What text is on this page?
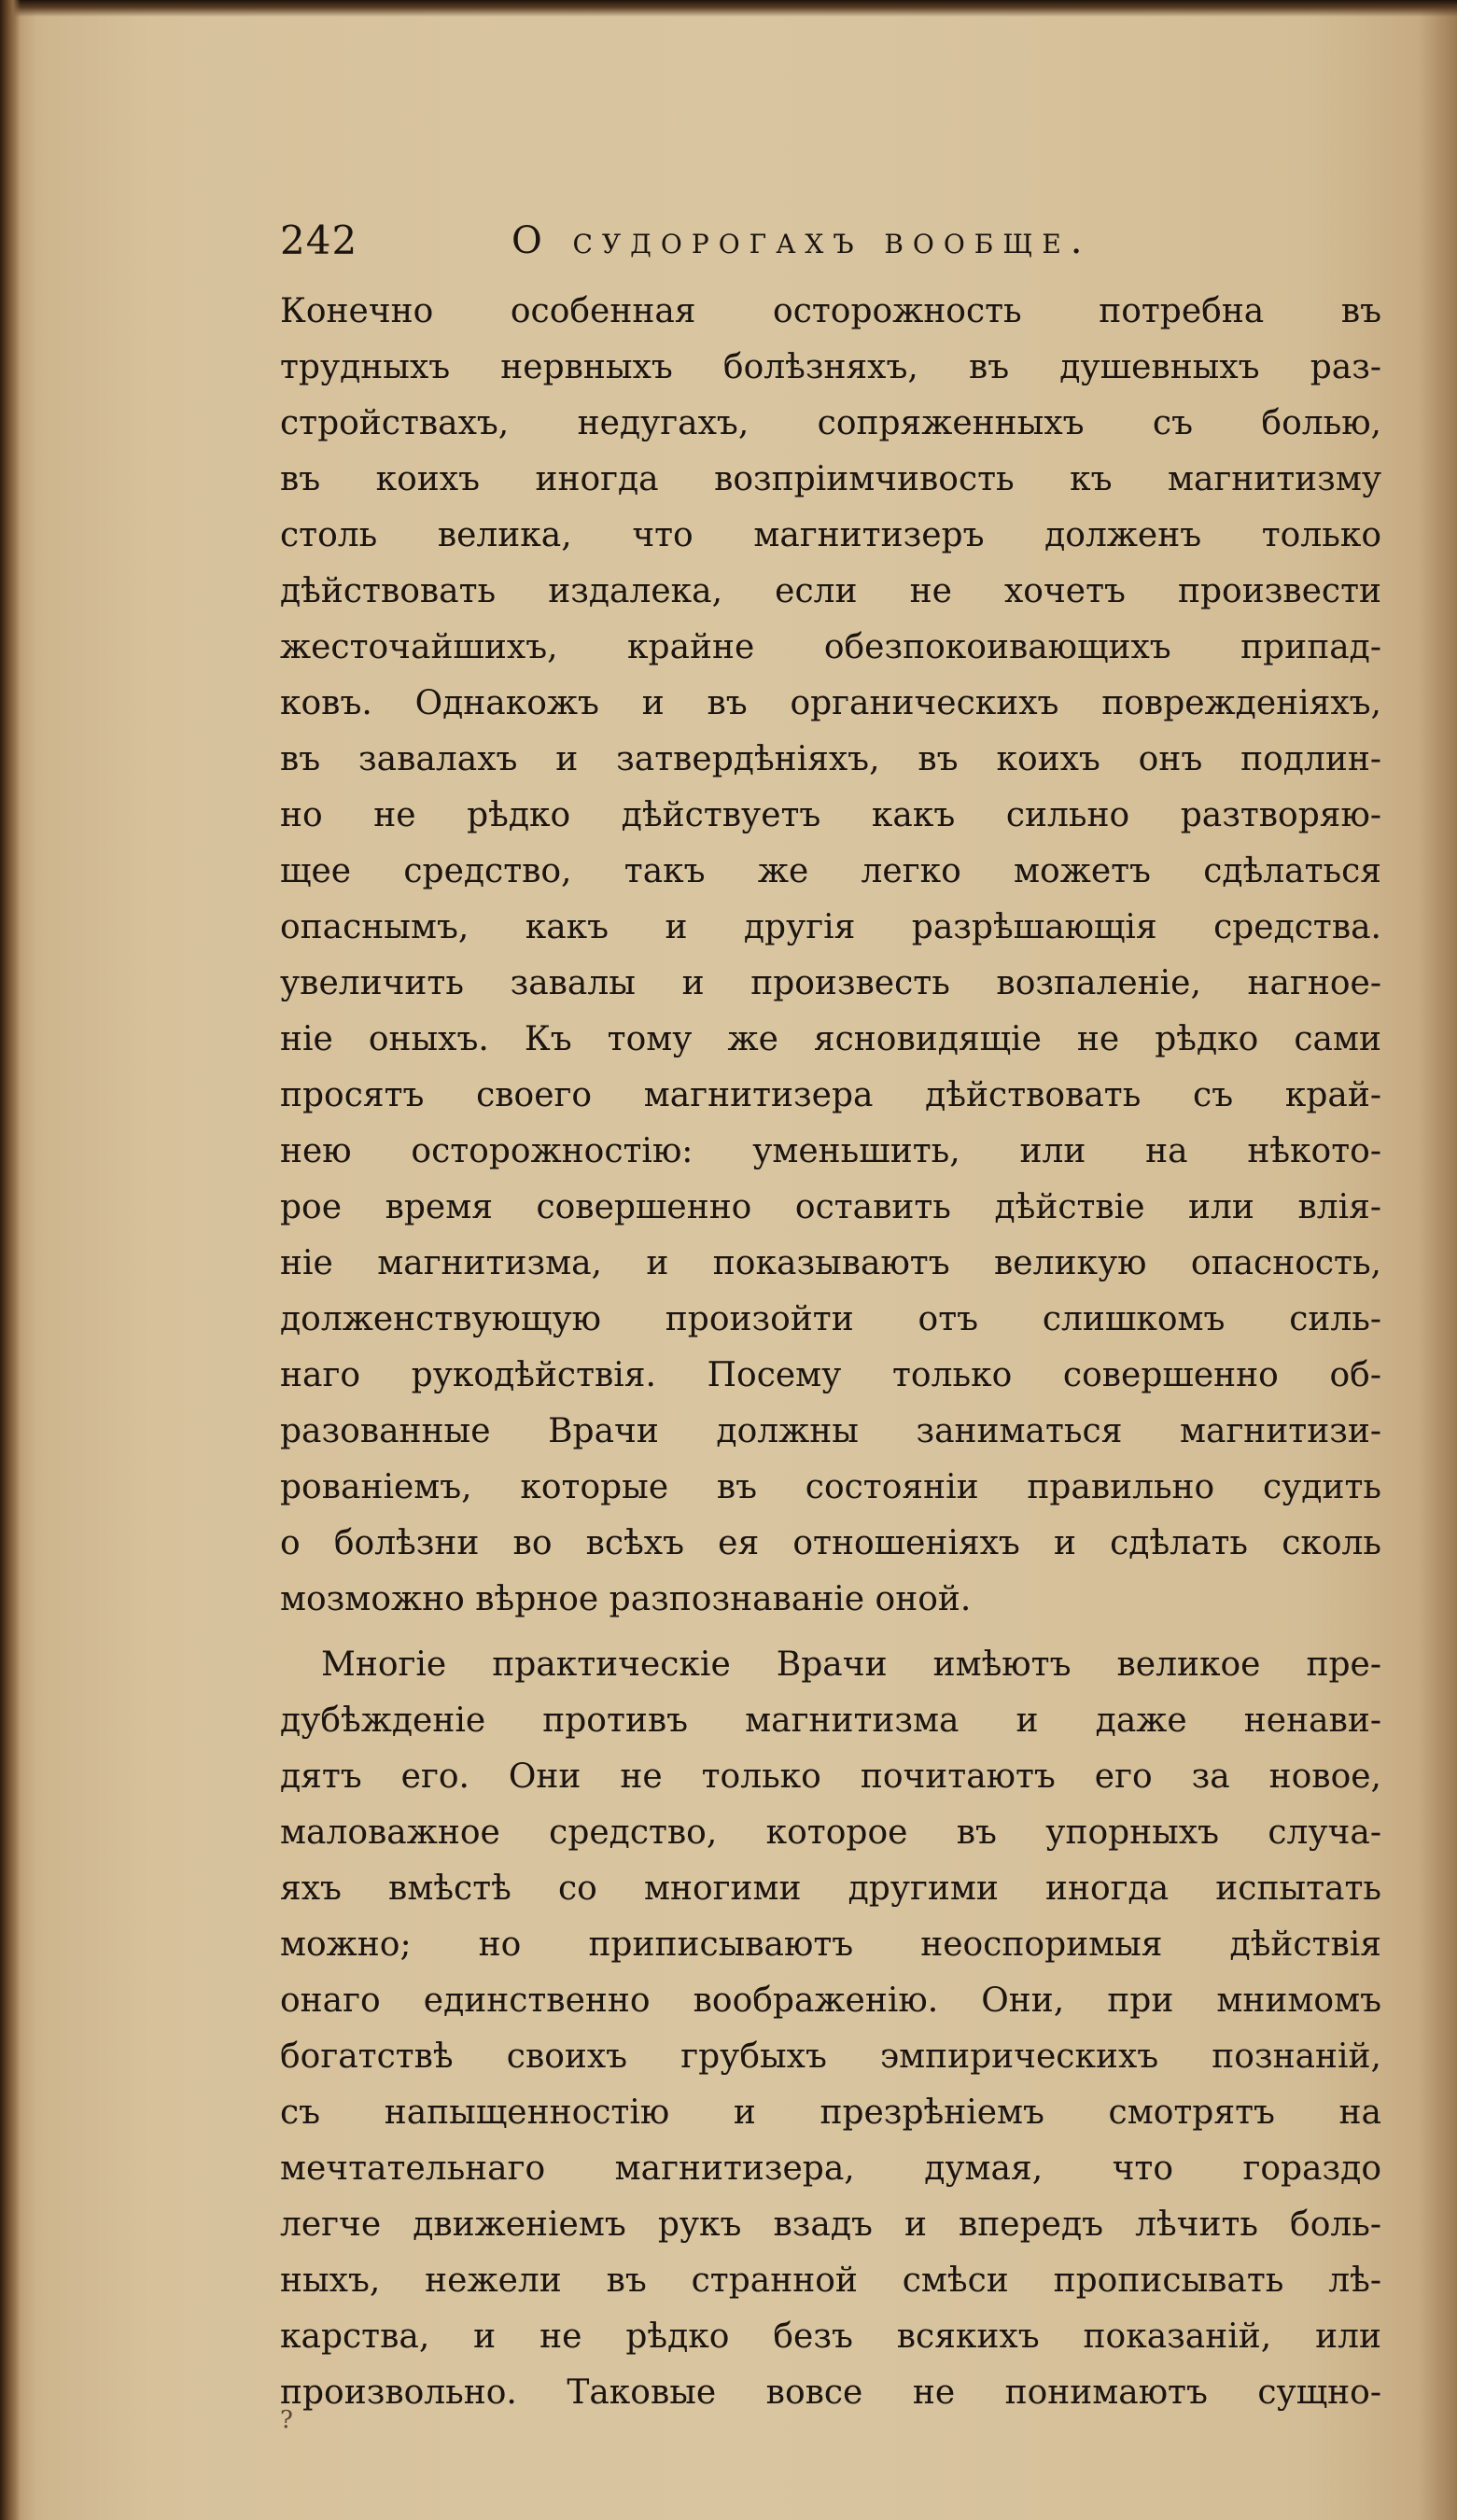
242	О судорогахъ вообще.
Конечно особенная осторожность потребна въ
трудныхъ нервныхъ болѣзняхъ, въ душевныхъ раз-
стройствахъ, недугахъ, сопряженныхъ съ болью,
въ коихъ иногда возпріимчивость къ магнитизму
столь велика, что магнитизеръ долженъ только
дѣйствовать издалека, если не хочетъ произвести
жесточайшихъ, крайне обезпокоивающихъ припад-
ковъ. Однакожъ и въ органическихъ поврежденіяхъ,
въ завалахъ и затвердѣніяхъ, въ коихъ онъ подлин-
но не рѣдко дѣйствуетъ какъ сильно разтворяю-
щее средство, такъ же легко можетъ сдѣлаться
опаснымъ, какъ и другія разрѣшающія средства.
увеличить завалы и произвесть возпаленіе, нагное-
ніе оныхъ. Къ тому же ясновидящіе не рѣдко сами
просятъ своего магнитизера дѣйствовать съ край-
нею осторожностію: уменьшить, или на нѣкото-
рое время совершенно оставить дѣйствіе или влія-
ніе магнитизма, и показываютъ великую опасность,
долженствующую произойти отъ слишкомъ силь-
наго рукодѣйствія. Посему только совершенно об-
разованные Врачи должны заниматься магнитизи-
рованіемъ, которые въ состояніи правильно судить
о болѣзни во всѣхъ ея отношеніяхъ и сдѣлать сколь
мозможно вѣрное разпознаваніе оной.
Многіе практическіе Врачи имѣютъ великое пре-
дубѣжденіе противъ магнитизма и даже ненави-
дятъ его. Они не только почитаютъ его за новое,
маловажное средство, которое въ упорныхъ случа-
яхъ вмѣстѣ со многими другими иногда испытать
можно; но приписываютъ неоспоримыя дѣйствія
онаго единственно воображенію. Они, при мнимомъ
богатствѣ своихъ грубыхъ эмпирическихъ познаній,
съ напыщенностію и презрѣніемъ смотрятъ на
мечтательнаго магнитизера, думая, что гораздо
легче движеніемъ рукъ взадъ и впередъ лѣчить боль-
ныхъ, нежели въ странной смѣси прописывать лѣ-
карства, и не рѣдко безъ всякихъ показаній, или
произвольно. Таковые вовсе не понимаютъ сущно-
?
